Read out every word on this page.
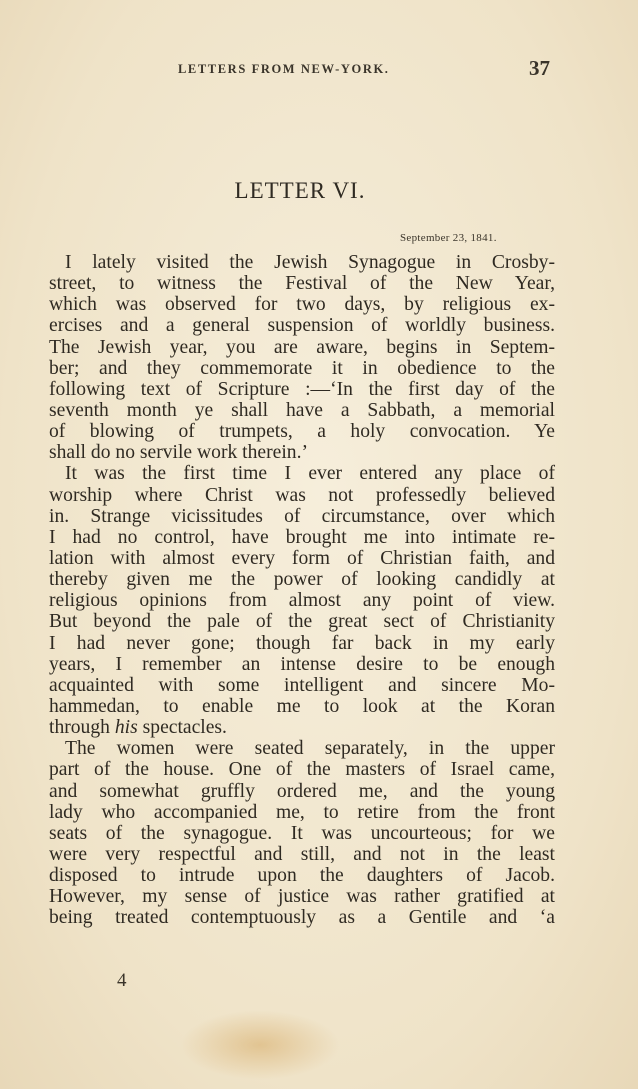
LETTERS FROM NEW-YORK.	37
LETTER VI.
September 23, 1841.
I lately visited the Jewish Synagogue in Crosby-
street, to witness the Festival of the New Year,
which was observed for two days, by religious ex-
ercises and a general suspension of worldly business.
The Jewish year, you are aware, begins in Septem-
ber; and they commemorate it in obedience to the
following text of Scripture :—‘In the first day of the
seventh month ye shall have a Sabbath, a memorial
of blowing of trumpets, a holy convocation. Ye
shall do no servile work therein.’
It was the first time I ever entered any place of
worship where Christ was not professedly believed
in. Strange vicissitudes of circumstance, over which
I had no control, have brought me into intimate re-
lation with almost every form of Christian faith, and
thereby given me the power of looking candidly at
religious opinions from almost any point of view.
But beyond the pale of the great sect of Christianity
I had never gone; though far back in my early
years, I remember an intense desire to be enough
acquainted with some intelligent and sincere Mo-
hammedan, to enable me to look at the Koran
through his spectacles.
The women were seated separately, in the upper
part of the house. One of the masters of Israel came,
and somewhat gruffly ordered me, and the young
lady who accompanied me, to retire from the front
seats of the synagogue. It was uncourteous; for we
were very respectful and still, and not in the least
disposed to intrude upon the daughters of Jacob.
However, my sense of justice was rather gratified at
being treated contemptuously as a Gentile and ‘a
4
